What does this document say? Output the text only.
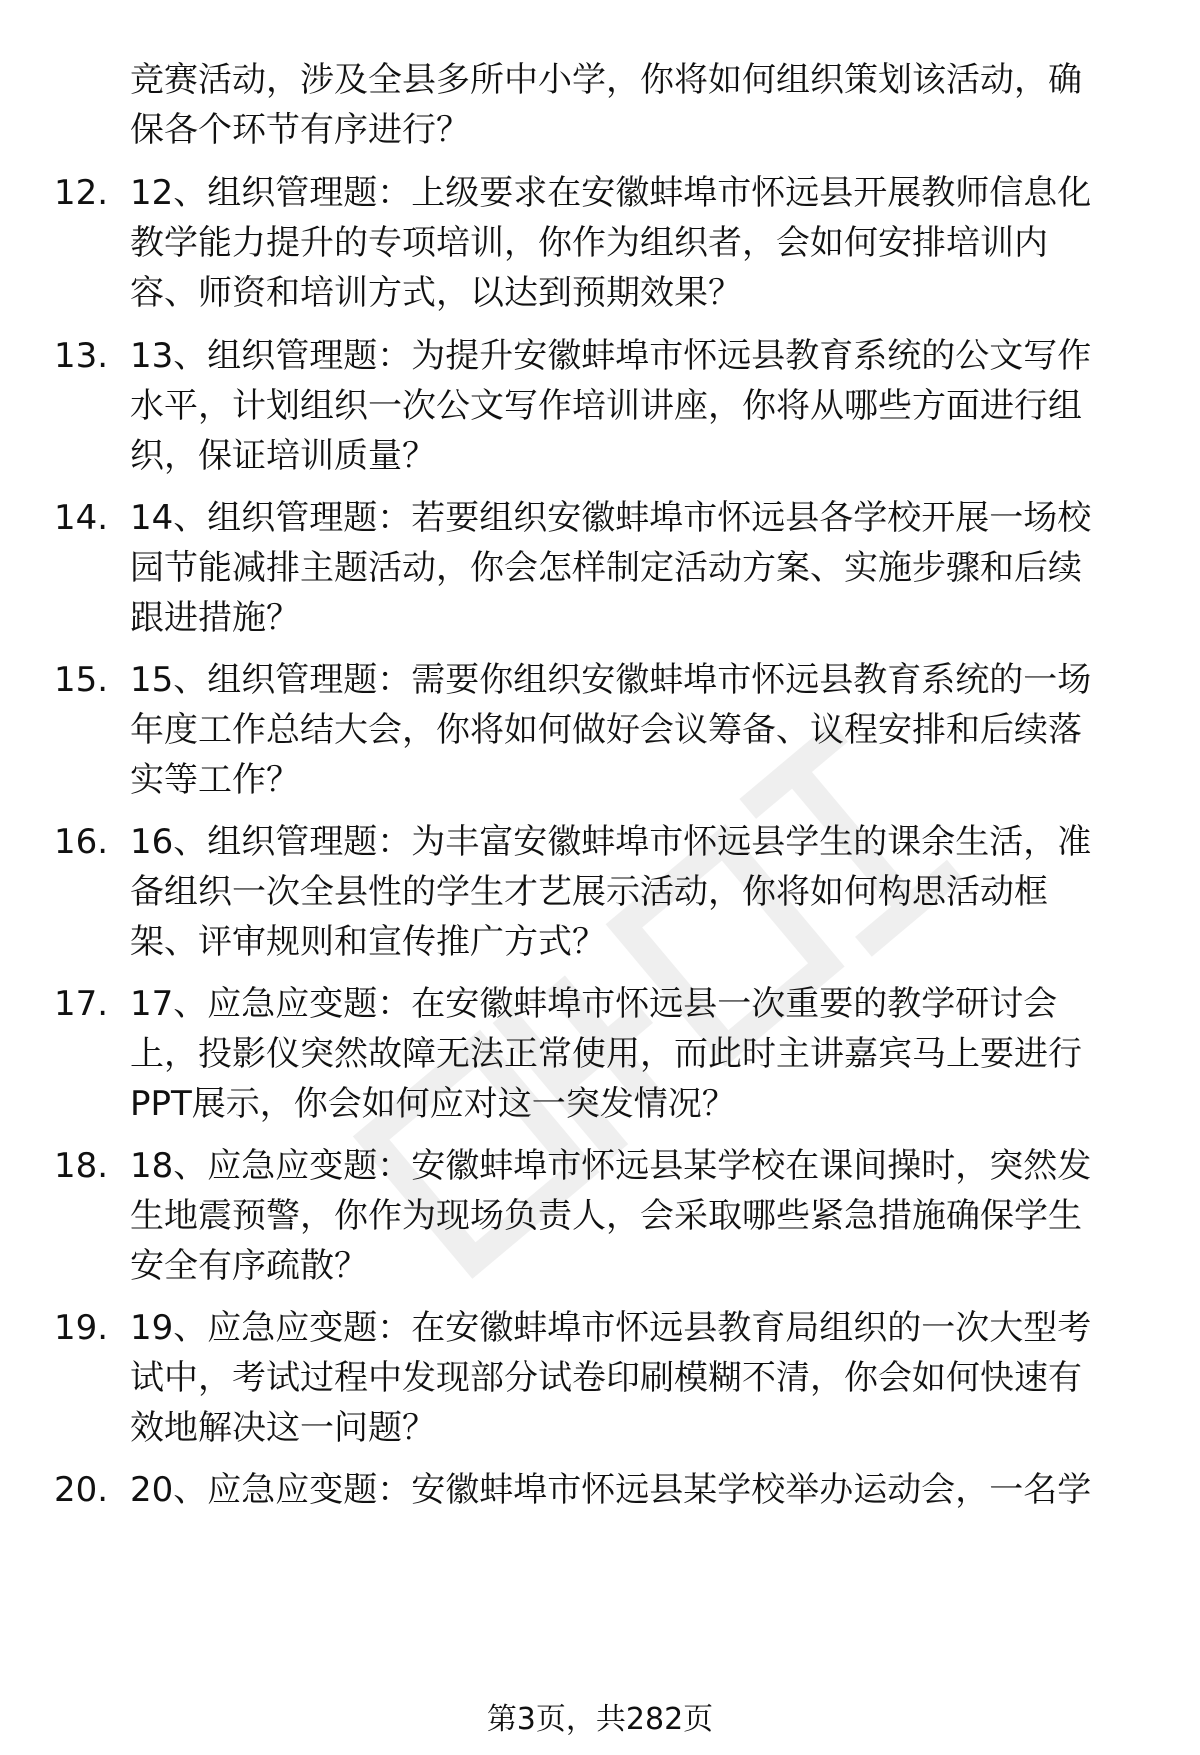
竞赛活动，涉及全县多所中小学，你将如何组织策划该活动，确
保各个环节有序进行？
12. 12、组织管理题：上级要求在安徽蚌埠市怀远县开展教师信息化
教学能力提升的专项培训，你作为组织者，会如何安排培训内
容、师资和培训方式，以达到预期效果？
13. 13、组织管理题：为提升安徽蚌埠市怀远县教育系统的公文写作
水平，计划组织一次公文写作培训讲座，你将从哪些方面进行组
织，保证培训质量？
14. 14、组织管理题：若要组织安徽蚌埠市怀远县各学校开展一场校
园节能减排主题活动，你会怎样制定活动方案、实施步骤和后续
跟进措施？
15. 15、组织管理题：需要你组织安徽蚌埠市怀远县教育系统的一场
年度工作总结大会，你将如何做好会议筹备、议程安排和后续落
实等工作？
16. 16、组织管理题：为丰富安徽蚌埠市怀远县学生的课余生活，准
备组织一次全县性的学生才艺展示活动，你将如何构思活动框
架、评审规则和宣传推广方式？
17. 17、应急应变题：在安徽蚌埠市怀远县一次重要的教学研讨会
上，投影仪突然故障无法正常使用，而此时主讲嘉宾马上要进行
PPT展示，你会如何应对这一突发情况？
18. 18、应急应变题：安徽蚌埠市怀远县某学校在课间操时，突然发
生地震预警，你作为现场负责人，会采取哪些紧急措施确保学生
安全有序疏散？
19. 19、应急应变题：在安徽蚌埠市怀远县教育局组织的一次大型考
试中，考试过程中发现部分试卷印刷模糊不清，你会如何快速有
效地解决这一问题？
20. 20、应急应变题：安徽蚌埠市怀远县某学校举办运动会，一名学
第3页，共282页
